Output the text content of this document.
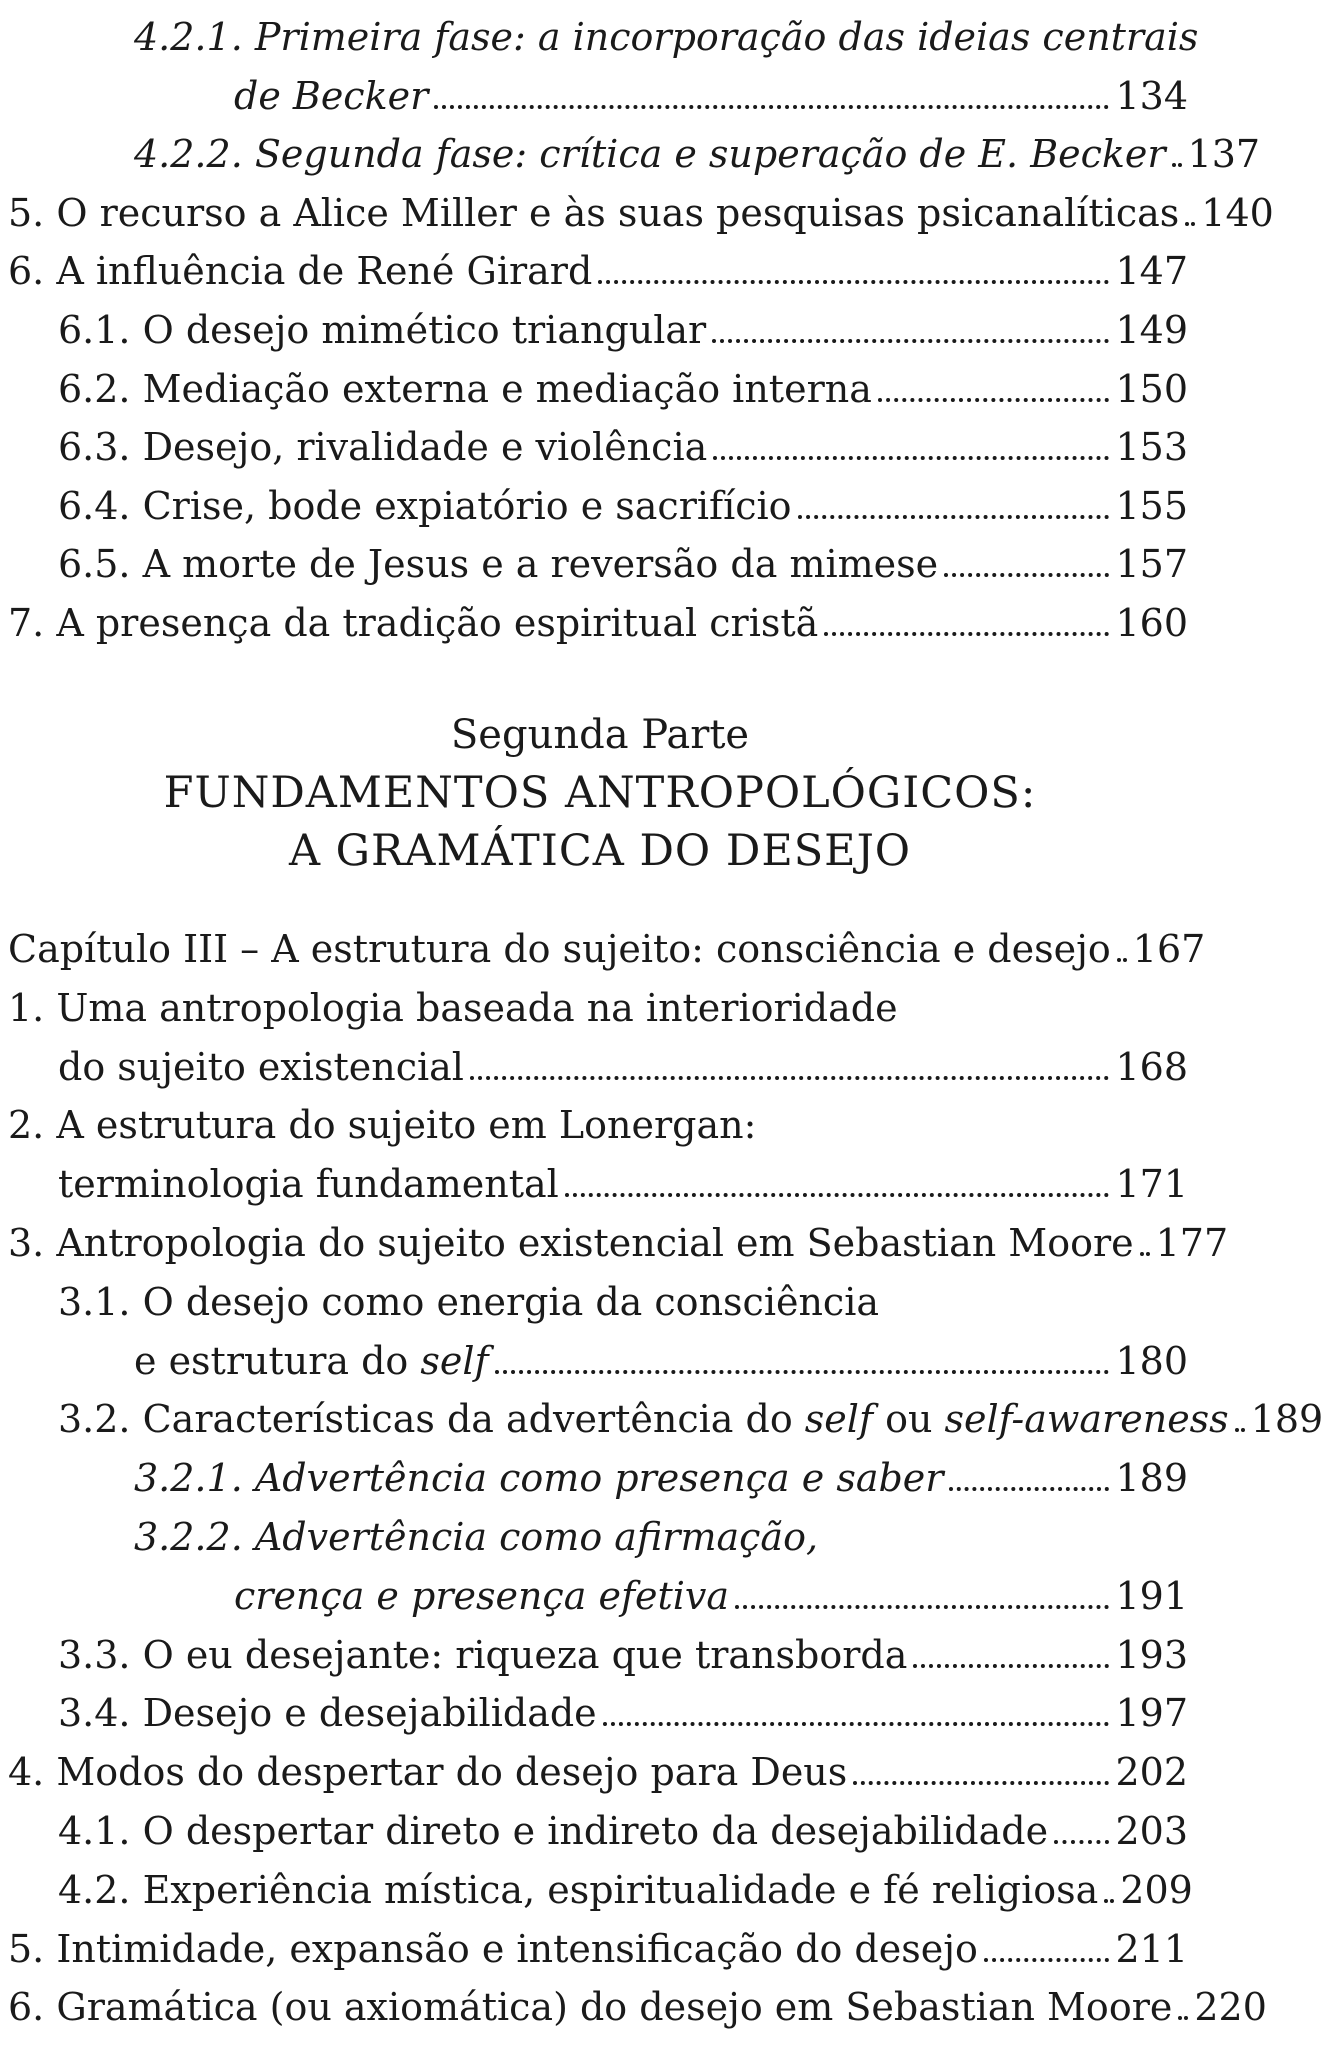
4.2.1. Primeira fase: a incorporação das ideias centrais
de Becker	134
4.2.2. Segunda fase: crítica e superação de E. Becker 137
5. O recurso a Alice Miller e às suas pesquisas psicanalíticas 140
6. A influência de René Girard	147
6.1. O desejo mimético triangular	149
6.2. Mediação externa e mediação interna	150
6.3. Desejo, rivalidade e violência	153
6.4. Crise, bode expiatório e sacrifício	155
6.5. A morte de Jesus e a reversão da mimese	157
7. A presença da tradição espiritual cristã	160
Segunda Parte
FUNDAMENTOS ANTROPOLÓGICOS:
A GRAMÁTICA DO DESEJO
Capítulo III – A estrutura do sujeito: consciência e desejo 167
1. Uma antropologia baseada na interioridade
do sujeito existencial	168
2. A estrutura do sujeito em Lonergan:
terminologia fundamental	171
3. Antropologia do sujeito existencial em Sebastian Moore 177
3.1. O desejo como energia da consciência
e estrutura do self	180
3.2. Características da advertência do self ou self-awareness 189
3.2.1. Advertência como presença e saber	189
3.2.2. Advertência como afirmação,
crença e presença efetiva	191
3.3. O eu desejante: riqueza que transborda	193
3.4. Desejo e desejabilidade	197
4. Modos do despertar do desejo para Deus	202
4.1. O despertar direto e indireto da desejabilidade 203
4.2. Experiência mística, espiritualidade e fé religiosa 209
5. Intimidade, expansão e intensificação do desejo	211
6. Gramática (ou axiomática) do desejo em Sebastian Moore 220
